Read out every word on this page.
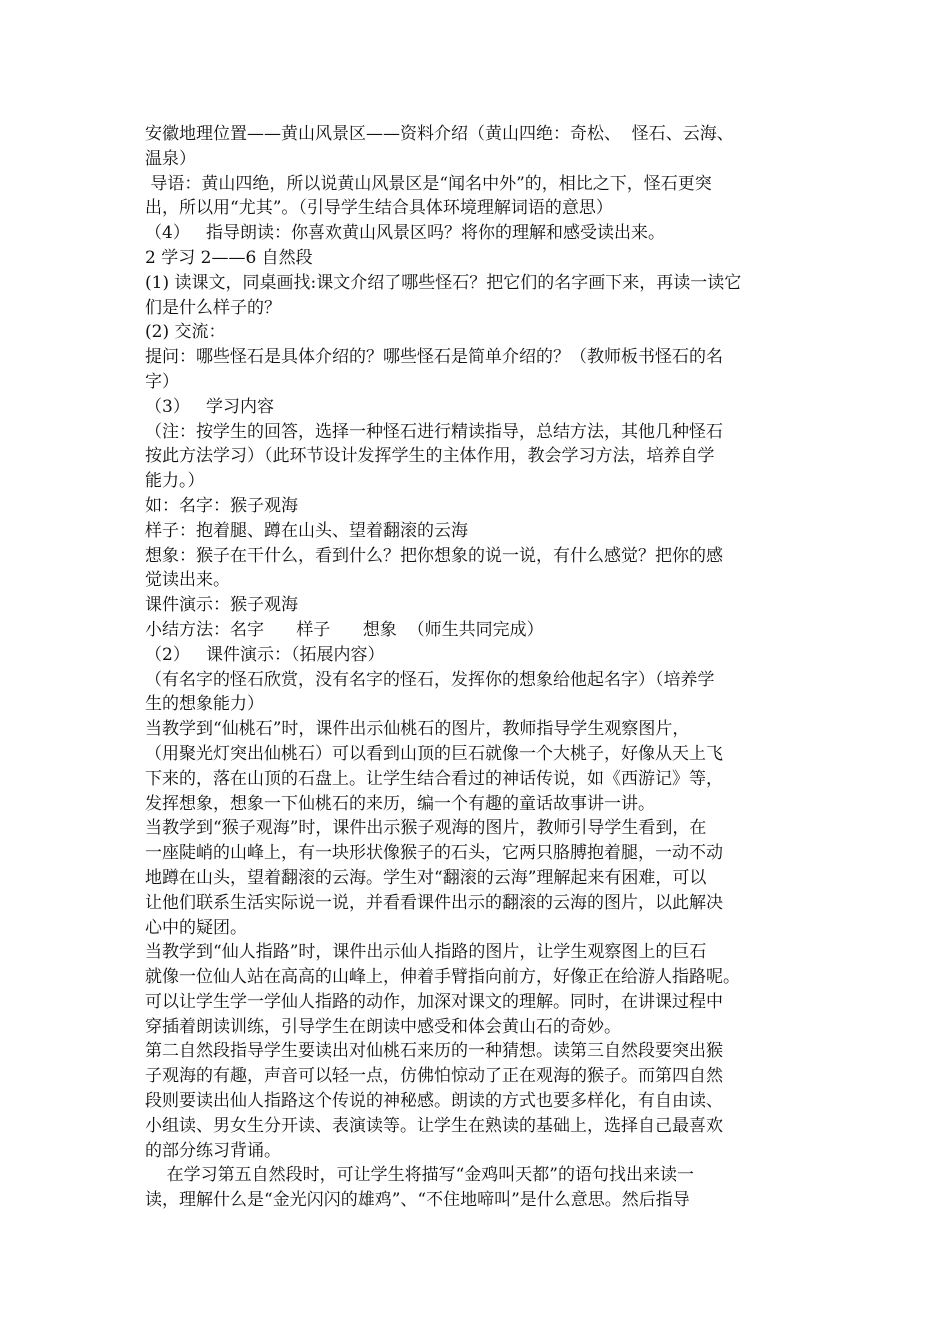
安徽地理位置——黄山风景区——资料介绍（黄山四绝：奇松、  怪石、云海、
温泉）
导语：黄山四绝，所以说黄山风景区是“闻名中外”的，相比之下，怪石更突
出，所以用“尤其”。（引导学生结合具体环境理解词语的意思）
（4）   指导朗读：你喜欢黄山风景区吗？将你的理解和感受读出来。
2 学习 2——6 自然段
(1) 读课文，同桌画找:课文介绍了哪些怪石？把它们的名字画下来，再读一读它
们是什么样子的？
(2) 交流：
提问：哪些怪石是具体介绍的？哪些怪石是简单介绍的？（教师板书怪石的名
字）
（3）   学习内容
（注：按学生的回答，选择一种怪石进行精读指导，总结方法，其他几种怪石
按此方法学习）（此环节设计发挥学生的主体作用，教会学习方法，培养自学
能力。）
如：名字：猴子观海
样子：抱着腿、蹲在山头、望着翻滚的云海
想象：猴子在干什么，看到什么？把你想象的说一说，有什么感觉？把你的感
觉读出来。
课件演示：猴子观海
小结方法：名字      样子      想象  （师生共同完成）
（2）   课件演示：（拓展内容）
（有名字的怪石欣赏，没有名字的怪石，发挥你的想象给他起名字）（培养学
生的想象能力）
当教学到“仙桃石”时，课件出示仙桃石的图片，教师指导学生观察图片，
（用聚光灯突出仙桃石）可以看到山顶的巨石就像一个大桃子，好像从天上飞
下来的，落在山顶的石盘上。让学生结合看过的神话传说，如《西游记》等，
发挥想象，想象一下仙桃石的来历，编一个有趣的童话故事讲一讲。
当教学到“猴子观海”时，课件出示猴子观海的图片，教师引导学生看到，在
一座陡峭的山峰上，有一块形状像猴子的石头，它两只胳膊抱着腿，一动不动
地蹲在山头，望着翻滚的云海。学生对“翻滚的云海”理解起来有困难，可以
让他们联系生活实际说一说，并看看课件出示的翻滚的云海的图片，以此解决
心中的疑团。
当教学到“仙人指路”时，课件出示仙人指路的图片，让学生观察图上的巨石
就像一位仙人站在高高的山峰上，伸着手臂指向前方，好像正在给游人指路呢。
可以让学生学一学仙人指路的动作，加深对课文的理解。同时，在讲课过程中
穿插着朗读训练，引导学生在朗读中感受和体会黄山石的奇妙。
第二自然段指导学生要读出对仙桃石来历的一种猜想。读第三自然段要突出猴
子观海的有趣，声音可以轻一点，仿佛怕惊动了正在观海的猴子。而第四自然
段则要读出仙人指路这个传说的神秘感。朗读的方式也要多样化，有自由读、
小组读、男女生分开读、表演读等。让学生在熟读的基础上，选择自己最喜欢
的部分练习背诵。
在学习第五自然段时，可让学生将描写“金鸡叫天都”的语句找出来读一
读，理解什么是“金光闪闪的雄鸡”、“不住地啼叫”是什么意思。然后指导
